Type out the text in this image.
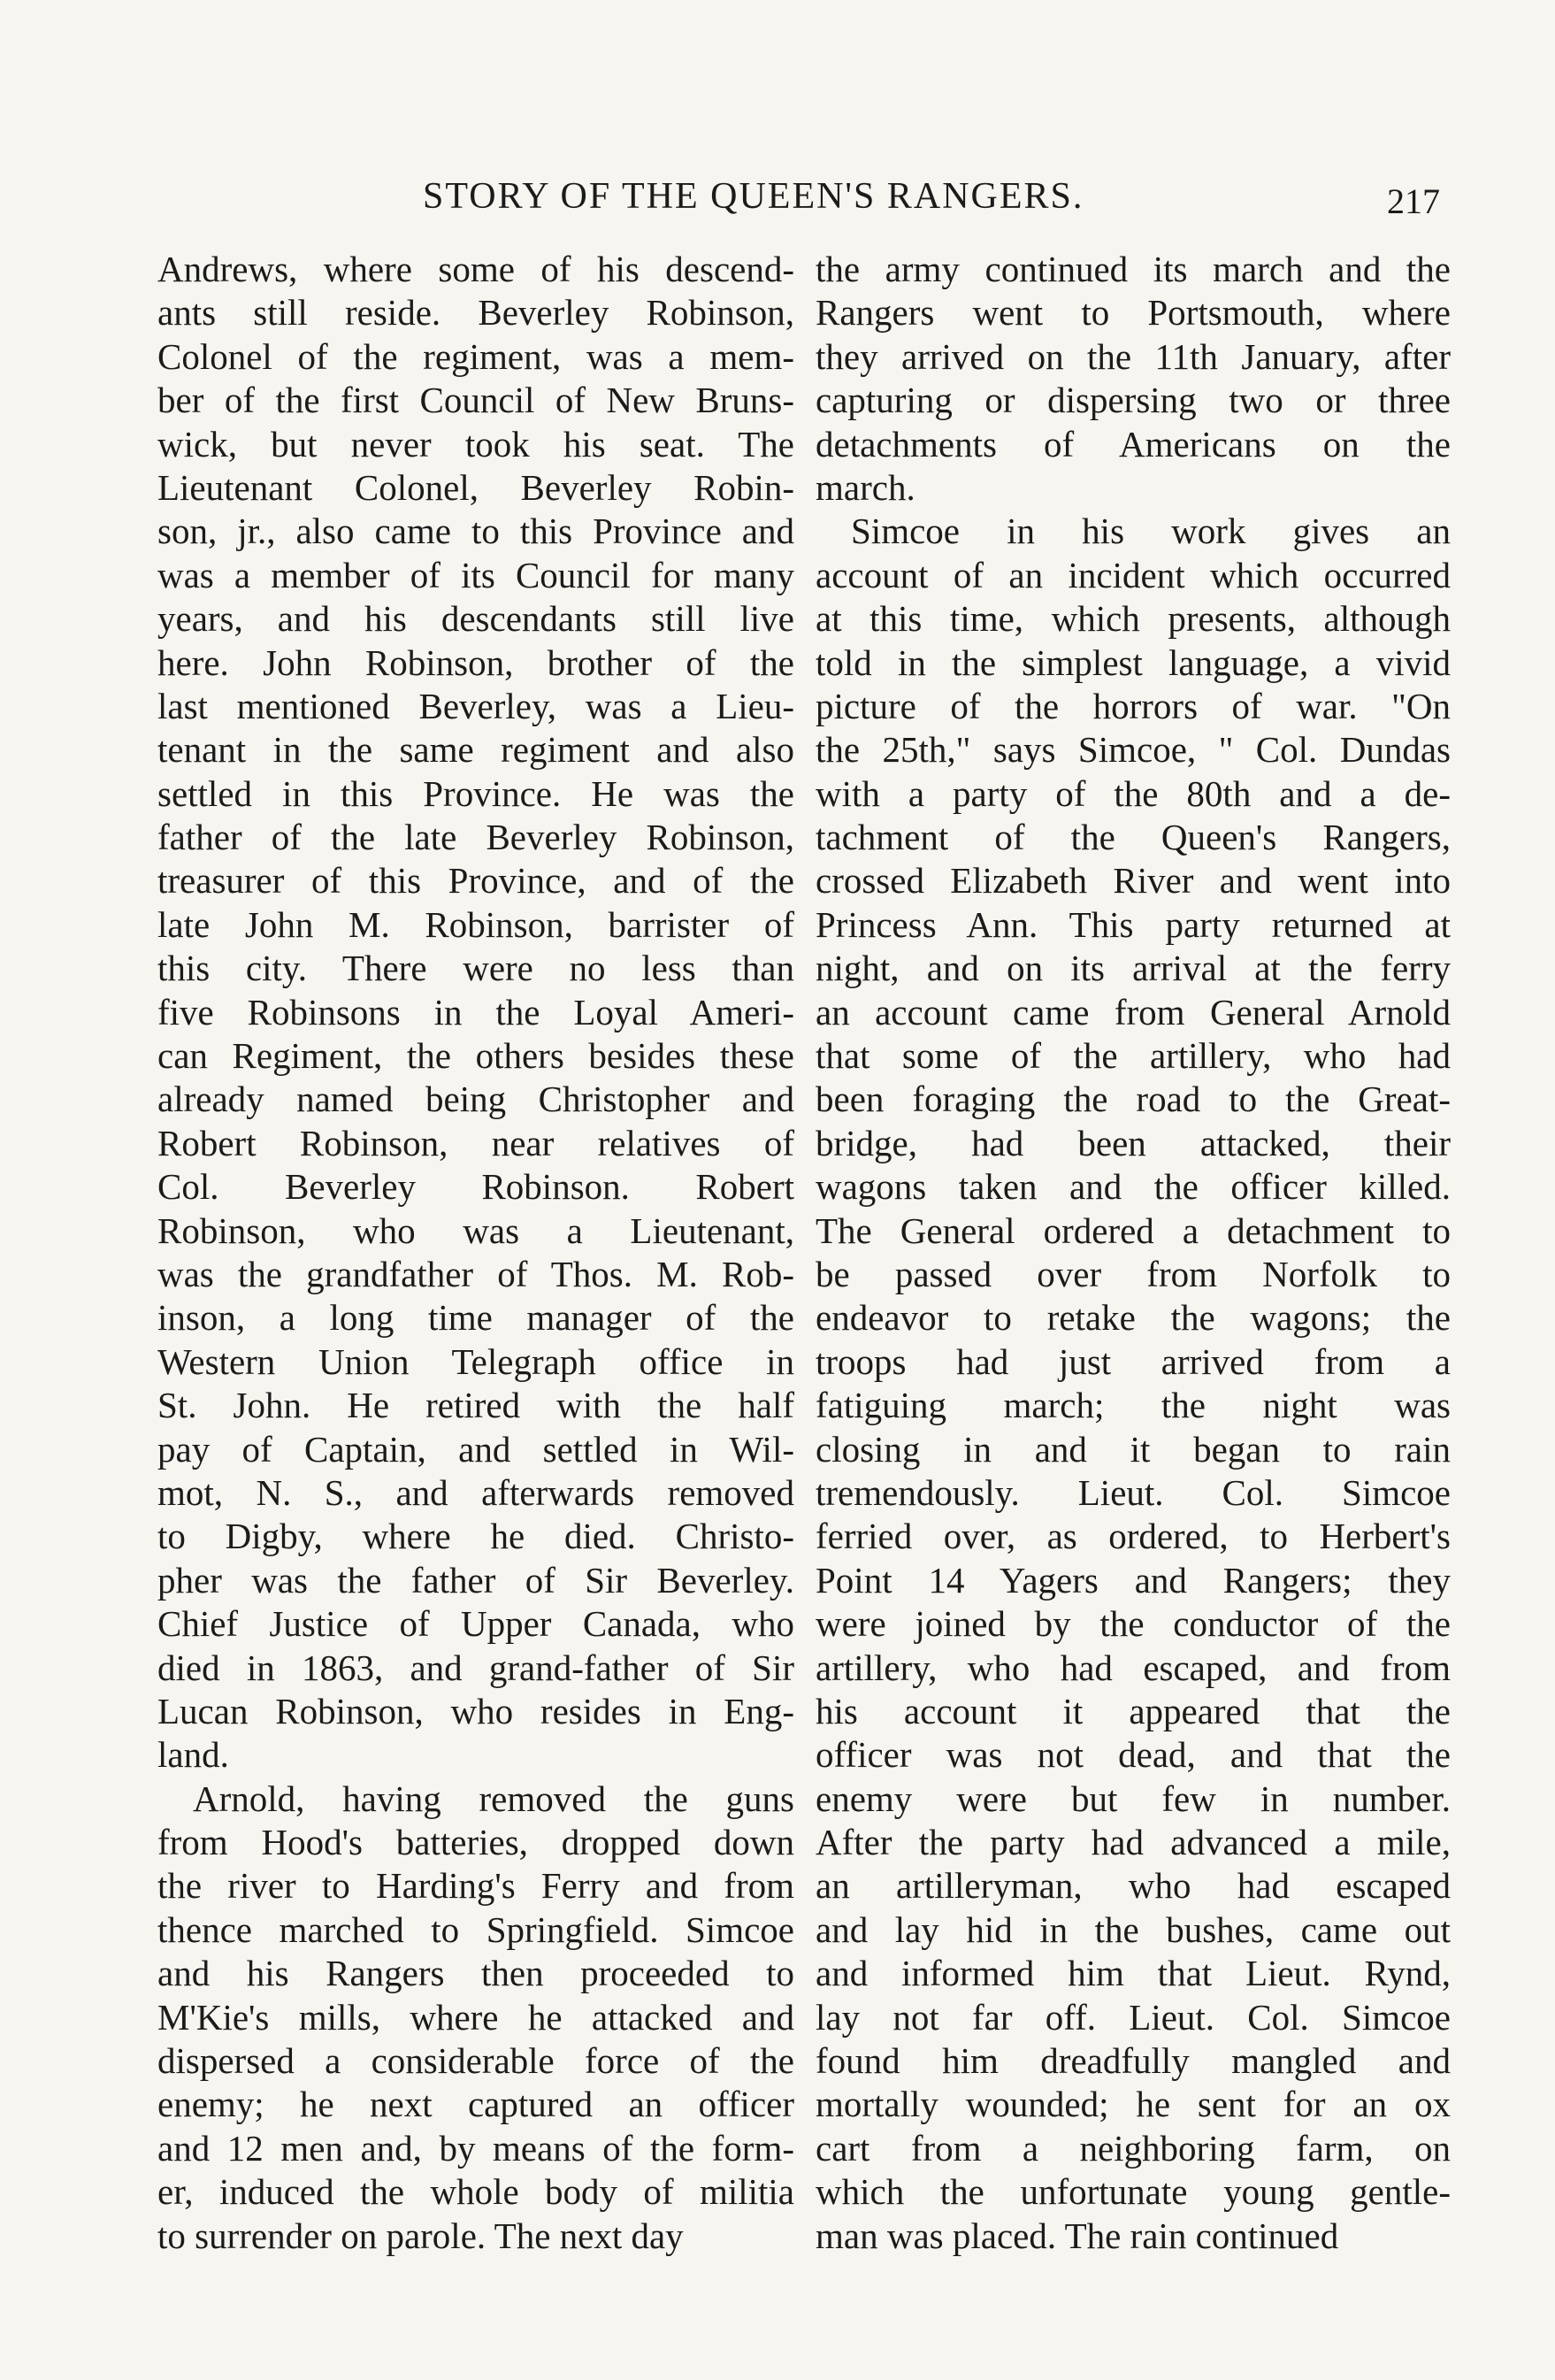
STORY OF THE QUEEN'S RANGERS.	217
Andrews, where some of his descend-
ants still reside. Beverley Robinson,
Colonel of the regiment, was a mem-
ber of the first Council of New Bruns-
wick, but never took his seat. The
Lieutenant Colonel, Beverley Robin-
son, jr., also came to this Province and
was a member of its Council for many
years, and his descendants still live
here. John Robinson, brother of the
last mentioned Beverley, was a Lieu-
tenant in the same regiment and also
settled in this Province. He was the
father of the late Beverley Robinson,
treasurer of this Province, and of the
late John M. Robinson, barrister of
this city. There were no less than
five Robinsons in the Loyal Ameri-
can Regiment, the others besides these
already named being Christopher and
Robert Robinson, near relatives of
Col. Beverley Robinson. Robert
Robinson, who was a Lieutenant,
was the grandfather of Thos. M. Rob-
inson, a long time manager of the
Western Union Telegraph office in
St. John. He retired with the half
pay of Captain, and settled in Wil-
mot, N. S., and afterwards removed
to Digby, where he died. Christo-
pher was the father of Sir Beverley.
Chief Justice of Upper Canada, who
died in 1863, and grand-father of Sir
Lucan Robinson, who resides in Eng-
land.
Arnold, having removed the guns
from Hood's batteries, dropped down
the river to Harding's Ferry and from
thence marched to Springfield. Simcoe
and his Rangers then proceeded to
M'Kie's mills, where he attacked and
dispersed a considerable force of the
enemy; he next captured an officer
and 12 men and, by means of the form-
er, induced the whole body of militia
to surrender on parole. The next day
the army continued its march and the
Rangers went to Portsmouth, where
they arrived on the 11th January, after
capturing or dispersing two or three
detachments of Americans on the
march.
Simcoe in his work gives an
account of an incident which occurred
at this time, which presents, although
told in the simplest language, a vivid
picture of the horrors of war. "On
the 25th," says Simcoe, " Col. Dundas
with a party of the 80th and a de-
tachment of the Queen's Rangers,
crossed Elizabeth River and went into
Princess Ann. This party returned at
night, and on its arrival at the ferry
an account came from General Arnold
that some of the artillery, who had
been foraging the road to the Great-
bridge, had been attacked, their
wagons taken and the officer killed.
The General ordered a detachment to
be passed over from Norfolk to
endeavor to retake the wagons; the
troops had just arrived from a
fatiguing march; the night was
closing in and it began to rain
tremendously. Lieut. Col. Simcoe
ferried over, as ordered, to Herbert's
Point 14 Yagers and Rangers; they
were joined by the conductor of the
artillery, who had escaped, and from
his account it appeared that the
officer was not dead, and that the
enemy were but few in number.
After the party had advanced a mile,
an artilleryman, who had escaped
and lay hid in the bushes, came out
and informed him that Lieut. Rynd,
lay not far off. Lieut. Col. Simcoe
found him dreadfully mangled and
mortally wounded; he sent for an ox
cart from a neighboring farm, on
which the unfortunate young gentle-
man was placed. The rain continued
